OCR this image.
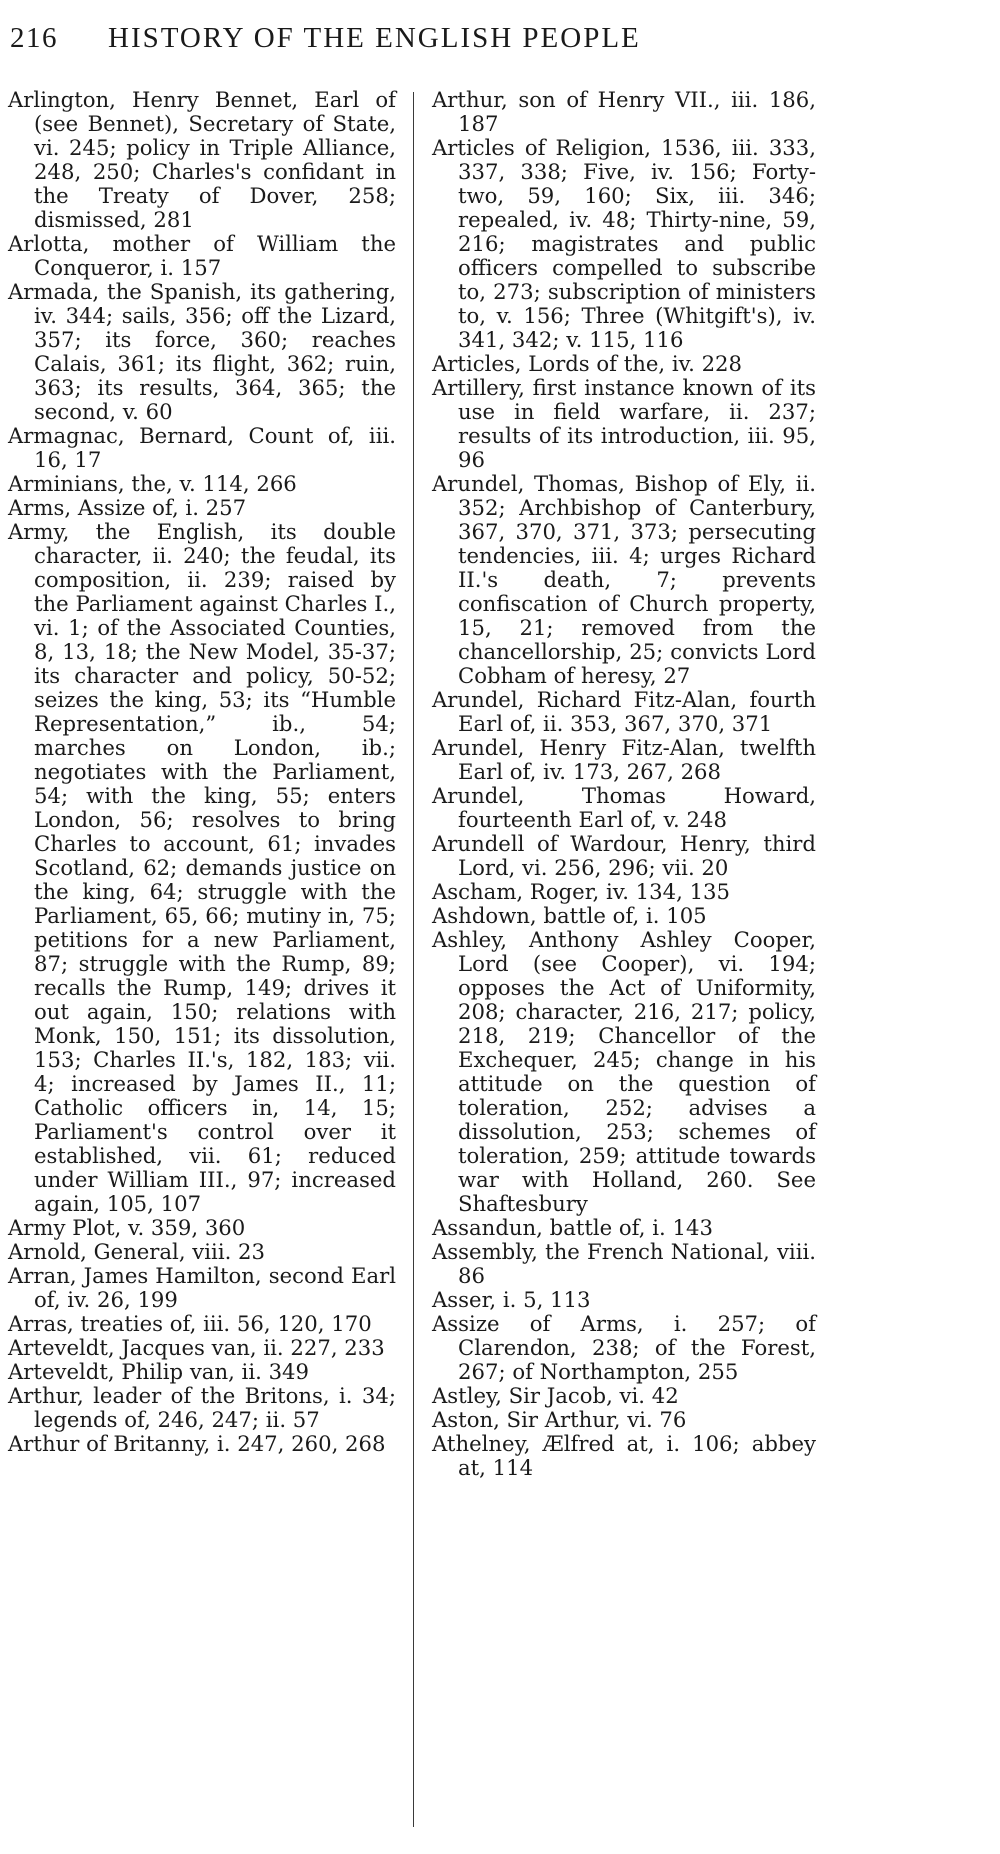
216	HISTORY OF THE ENGLISH PEOPLE

Arlington, Henry Bennet, Earl of (see Bennet), Secretary of State, vi. 245; policy in Triple Alliance, 248, 250; Charles's confidant in the Treaty of Dover, 258; dismissed, 281

Arlotta, mother of William the Conqueror, i. 157

Armada, the Spanish, its gathering, iv. 344; sails, 356; off the Lizard, 357; its force, 360; reaches Calais, 361; its flight, 362; ruin, 363; its results, 364, 365; the second, v. 60

Armagnac, Bernard, Count of, iii. 16, 17

Arminians, the, v. 114, 266

Arms, Assize of, i. 257

Army, the English, its double character, ii. 240; the feudal, its composition, ii. 239; raised by the Parliament against Charles I., vi. 1; of the Associated Counties, 8, 13, 18; the New Model, 35-37; its character and policy, 50-52; seizes the king, 53; its “Humble Representation,” ib., 54; marches on London, ib.; negotiates with the Parliament, 54; with the king, 55; enters London, 56; resolves to bring Charles to account, 61; invades Scotland, 62; demands justice on the king, 64; struggle with the Parliament, 65, 66; mutiny in, 75; petitions for a new Parliament, 87; struggle with the Rump, 89; recalls the Rump, 149; drives it out again, 150; relations with Monk, 150, 151; its dissolution, 153; Charles II.'s, 182, 183; vii. 4; increased by James II., 11; Catholic officers in, 14, 15; Parliament's control over it established, vii. 61; reduced under William III., 97; increased again, 105, 107

Army Plot, v. 359, 360

Arnold, General, viii. 23

Arran, James Hamilton, second Earl of, iv. 26, 199

Arras, treaties of, iii. 56, 120, 170

Arteveldt, Jacques van, ii. 227, 233

Arteveldt, Philip van, ii. 349

Arthur, leader of the Britons, i. 34; legends of, 246, 247; ii. 57

Arthur of Britanny, i. 247, 260, 268

Arthur, son of Henry VII., iii. 186, 187

Articles of Religion, 1536, iii. 333, 337, 338; Five, iv. 156; Forty-two, 59, 160; Six, iii. 346; repealed, iv. 48; Thirty-nine, 59, 216; magistrates and public officers compelled to subscribe to, 273; subscription of ministers to, v. 156; Three (Whitgift's), iv. 341, 342; v. 115, 116

Articles, Lords of the, iv. 228

Artillery, first instance known of its use in field warfare, ii. 237; results of its introduction, iii. 95, 96

Arundel, Thomas, Bishop of Ely, ii. 352; Archbishop of Canterbury, 367, 370, 371, 373; persecuting tendencies, iii. 4; urges Richard II.'s death, 7; prevents confiscation of Church property, 15, 21; removed from the chancellorship, 25; convicts Lord Cobham of heresy, 27

Arundel, Richard Fitz-Alan, fourth Earl of, ii. 353, 367, 370, 371

Arundel, Henry Fitz-Alan, twelfth Earl of, iv. 173, 267, 268

Arundel, Thomas Howard, fourteenth Earl of, v. 248

Arundell of Wardour, Henry, third Lord, vi. 256, 296; vii. 20

Ascham, Roger, iv. 134, 135

Ashdown, battle of, i. 105

Ashley, Anthony Ashley Cooper, Lord (see Cooper), vi. 194; opposes the Act of Uniformity, 208; character, 216, 217; policy, 218, 219; Chancellor of the Exchequer, 245; change in his attitude on the question of toleration, 252; advises a dissolution, 253; schemes of toleration, 259; attitude towards war with Holland, 260. See Shaftesbury

Assandun, battle of, i. 143

Assembly, the French National, viii. 86

Asser, i. 5, 113

Assize of Arms, i. 257; of Clarendon, 238; of the Forest, 267; of Northampton, 255

Astley, Sir Jacob, vi. 42

Aston, Sir Arthur, vi. 76

Athelney, Ælfred at, i. 106; abbey at, 114
